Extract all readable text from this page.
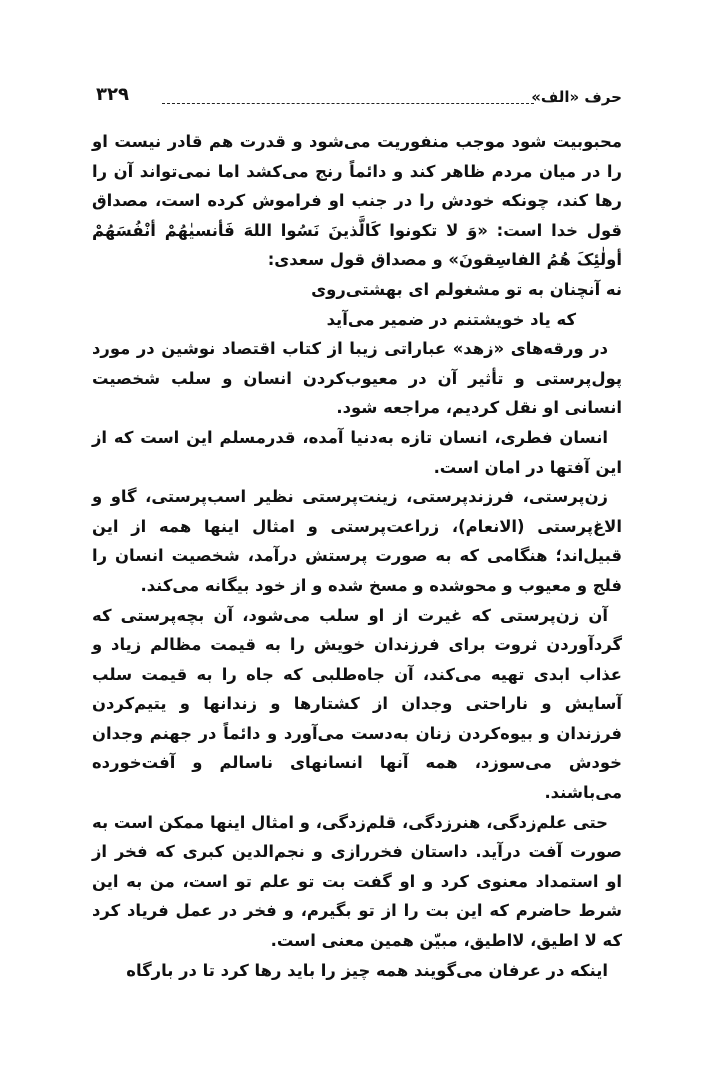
حرف «الف»
۳۲۹

محبوبیت شود موجب منفوریت می‌شود و قدرت هم قادر نیست او را در میان مردم ظاهر کند و دائماً رنج می‌کشد اما نمی‌تواند آن را رها کند، چونکه خودش را در جنب او فراموش کرده است، مصداق قول خدا است: «وَ لا تکونوا کَالَّذینَ نَسُوا اللهَ فَأنسیٰهُمْ أنْفُسَهُمْ أولٰئِکَ هُمُ الفاسِقونَ» و مصداق قول سعدی:

نه آنچنان به تو مشغولم ای بهشتی‌روی

که یاد خویشتنم در ضمیر می‌آید

در ورقه‌های «زهد» عباراتی زیبا از کتاب اقتصاد نوشین در مورد پول‌پرستی و تأثیر آن در معیوب‌کردن انسان و سلب شخصیت انسانی او نقل کردیم، مراجعه شود.

انسان فطری، انسان تازه به‌دنیا آمده، قدرمسلم این است که از این آفتها در امان است.

زن‌پرستی، فرزندپرستی، زینت‌پرستی نظیر اسب‌پرستی، گاو و الاغ‌پرستی (الانعام)، زراعت‌پرستی و امثال اینها همه از این قبیل‌اند؛ هنگامی که به صورت پرستش درآمد، شخصیت انسان را فلج و معیوب و محوشده و مسخ شده و از خود بیگانه می‌کند.

آن زن‌پرستی که غیرت از او سلب می‌شود، آن بچه‌پرستی که گردآوردن ثروت برای فرزندان خویش را به قیمت مظالم زیاد و عذاب ابدی تهیه می‌کند، آن جاه‌طلبی که جاه را به قیمت سلب آسایش و ناراحتی وجدان از کشتارها و زندانها و یتیم‌کردن فرزندان و بیوه‌کردن زنان به‌دست می‌آورد و دائماً در جهنم وجدان خودش می‌سوزد، همه آنها انسانهای ناسالم و آفت‌خورده می‌باشند.

حتی علم‌زدگی، هنرزدگی، قلم‌زدگی، و امثال اینها ممکن است به صورت آفت درآید. داستان فخررازی و نجم‌الدین کبری که فخر از او استمداد معنوی کرد و او گفت بت تو علم تو است، من به این شرط حاضرم که این بت را از تو بگیرم، و فخر در عمل فریاد کرد که لا اطیق، لااطیق، مبیّن همین معنی است.

اینکه در عرفان می‌گویند همه چیز را باید رها کرد تا در بارگاه
